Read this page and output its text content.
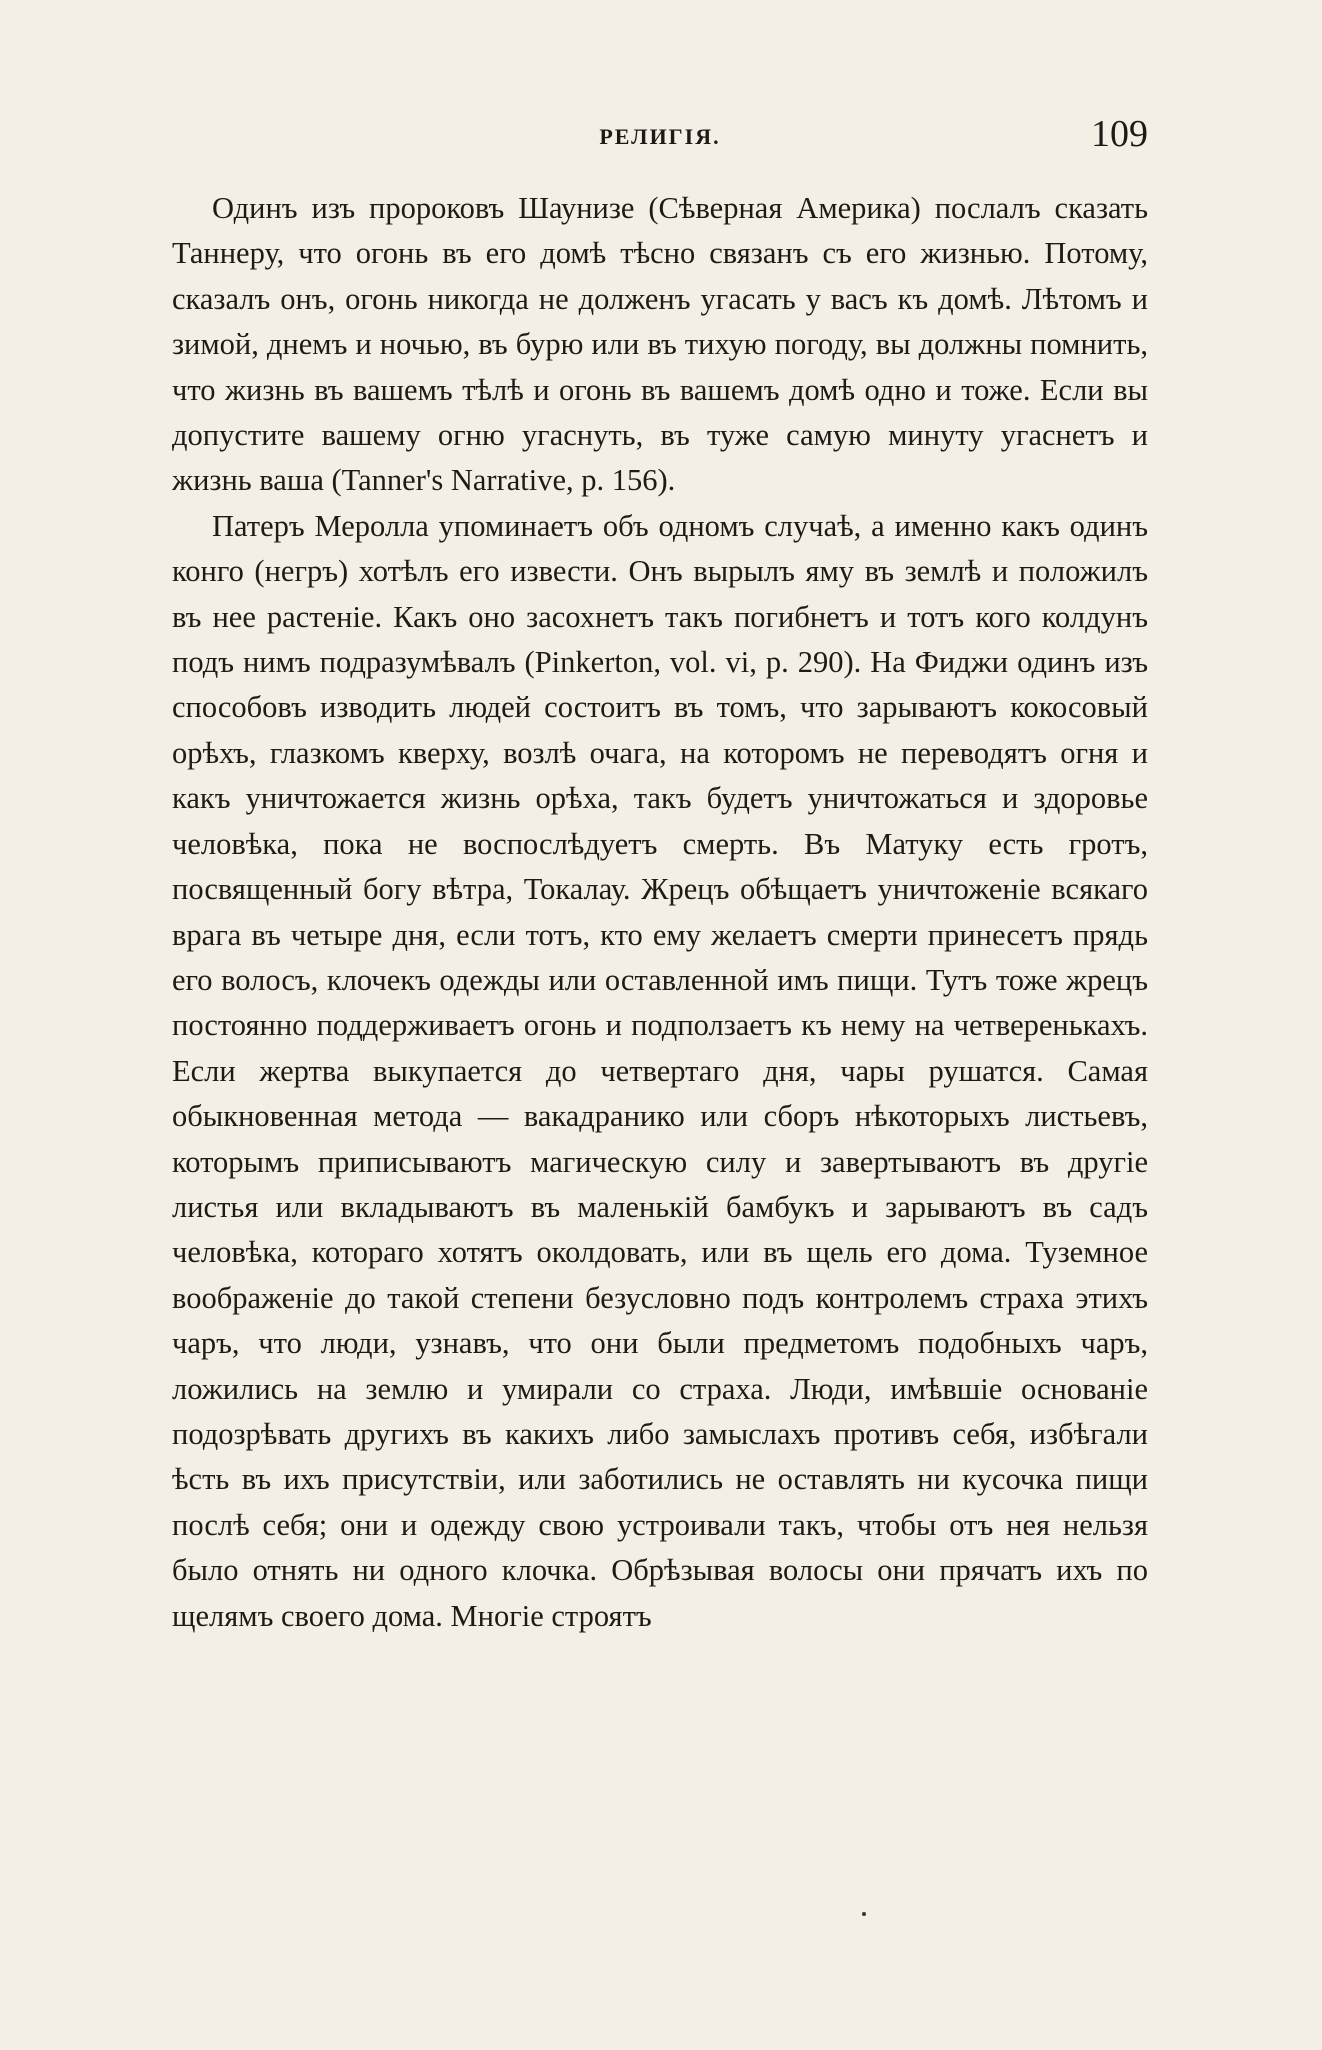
РЕЛИГІЯ.	109

Одинъ изъ пророковъ Шаунизе (Сѣверная Америка) послалъ сказать Таннеру, что огонь въ его домѣ тѣсно связанъ съ его жизнью. Потому, сказалъ онъ, огонь никогда не долженъ угасать у васъ къ домѣ. Лѣтомъ и зимой, днемъ и ночью, въ бурю или въ тихую погоду, вы должны помнить, что жизнь въ вашемъ тѣлѣ и огонь въ вашемъ домѣ одно и тоже. Если вы допустите вашему огню угаснуть, въ туже самую минуту угаснетъ и жизнь ваша (Tanner's Narrative, p. 156).

Патеръ Меролла упоминаетъ объ одномъ случаѣ, а именно какъ одинъ конго (негръ) хотѣлъ его извести. Онъ вырылъ яму въ землѣ и положилъ въ нее растеніе. Какъ оно засохнетъ такъ погибнетъ и тотъ кого колдунъ подъ нимъ подразумѣвалъ (Pinkerton, vol. vi, p. 290). На Фиджи одинъ изъ способовъ изводить людей состоитъ въ томъ, что зарываютъ кокосовый орѣхъ, глазкомъ кверху, возлѣ очага, на которомъ не переводятъ огня и какъ уничтожается жизнь орѣха, такъ будетъ уничтожаться и здоровье человѣка, пока не воспослѣдуетъ смерть. Въ Матуку есть гротъ, посвященный богу вѣтра, Токалау. Жрецъ обѣщаетъ уничтоженіе всякаго врага въ четыре дня, если тотъ, кто ему желаетъ смерти принесетъ прядь его волосъ, клочекъ одежды или оставленной имъ пищи. Тутъ тоже жрецъ постоянно поддерживаетъ огонь и подползаетъ къ нему на четверенькахъ. Если жертва выкупается до четвертаго дня, чары рушатся. Самая обыкновенная метода — вакадранико или сборъ нѣкоторыхъ листьевъ, которымъ приписываютъ магическую силу и завертываютъ въ другіе листья или вкладываютъ въ маленькій бамбукъ и зарываютъ въ садъ человѣка, котораго хотятъ околдовать, или въ щель его дома. Туземное воображеніе до такой степени безусловно подъ контролемъ страха этихъ чаръ, что люди, узнавъ, что они были предметомъ подобныхъ чаръ, ложились на землю и умирали со страха. Люди, имѣвшіе основаніе подозрѣвать другихъ въ какихъ либо замыслахъ противъ себя, избѣгали ѣсть въ ихъ присутствіи, или заботились не оставлять ни кусочка пищи послѣ себя; они и одежду свою устроивали такъ, чтобы отъ нея нельзя было отнять ни одного клочка. Обрѣзывая волосы они прячатъ ихъ по щелямъ своего дома. Многіе строятъ
